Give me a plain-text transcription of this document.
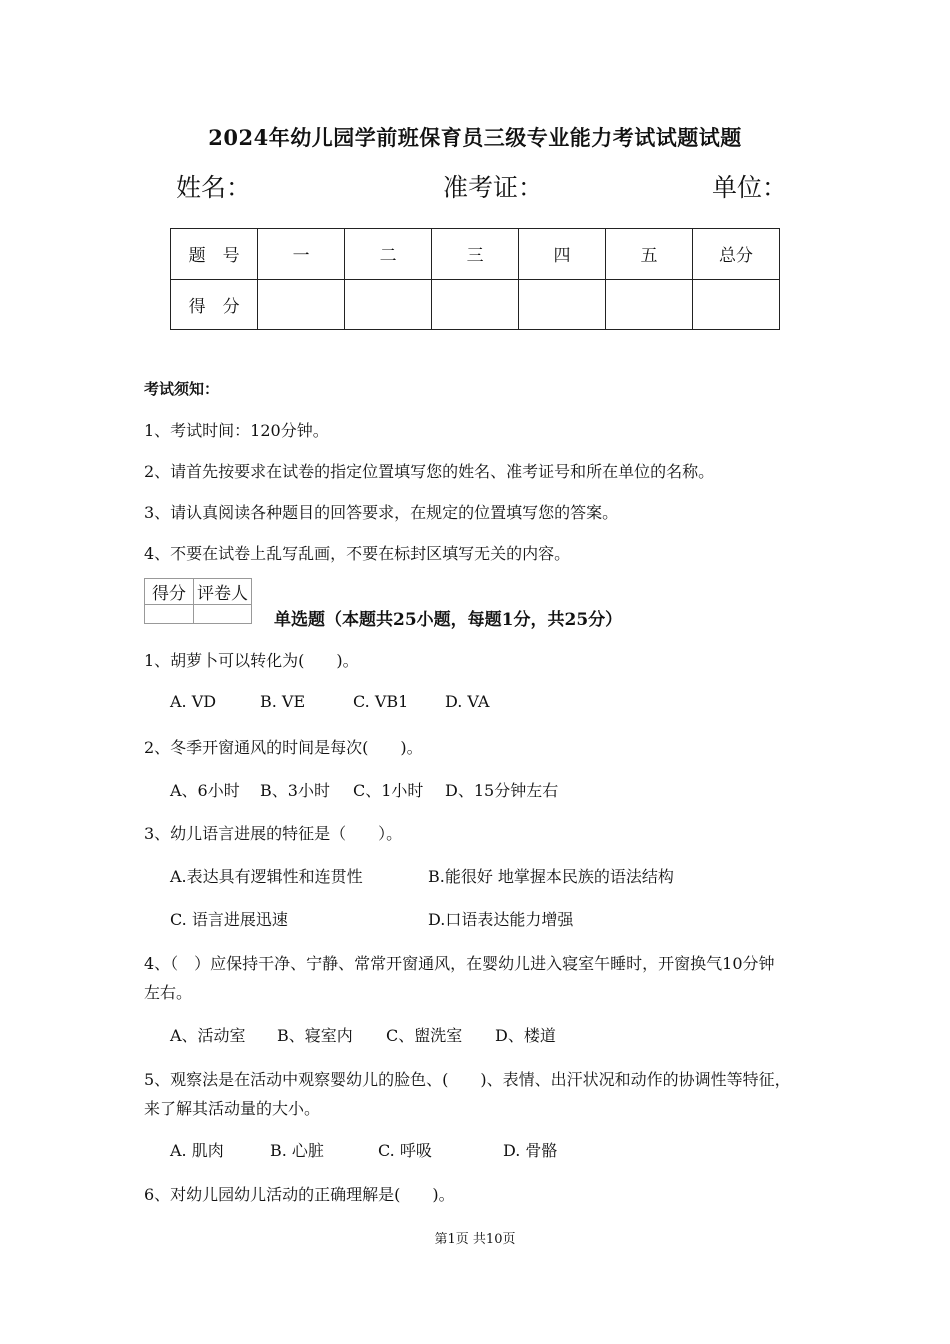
2024年幼儿园学前班保育员三级专业能力考试试题试题
姓名：	准考证：	单位：
题　号	一	二	三	四	五	总分
得　分						
考试须知：
1、考试时间：120分钟。
2、请首先按要求在试卷的指定位置填写您的姓名、准考证号和所在单位的名称。
3、请认真阅读各种题目的回答要求，在规定的位置填写您的答案。
4、不要在试卷上乱写乱画，不要在标封区填写无关的内容。
得分	评卷人

单选题（本题共25小题，每题1分，共25分）
1、胡萝卜可以转化为(　　)。
A. VD	B. VE	C. VB1 D. VA
2、冬季开窗通风的时间是每次(　　)。
A、6小时 B、3小时 C、1小时 D、15分钟左右
3、幼儿语言进展的特征是（　　）。
A.表达具有逻辑性和连贯性	B.能很好 地掌握本民族的语法结构
C. 语言进展迅速	D.口语表达能力增强
4、（　）应保持干净、宁静、常常开窗通风，在婴幼儿进入寝室午睡时，开窗换气10分钟
左右。
A、活动室 B、寝室内 C、盥洗室 D、楼道
5、观察法是在活动中观察婴幼儿的脸色、(　　)、表情、出汗状况和动作的协调性等特征，
来了解其活动量的大小。
A. 肌肉	B. 心脏	C. 呼吸	D. 骨骼
6、对幼儿园幼儿活动的正确理解是(　　)。
第1页 共10页
